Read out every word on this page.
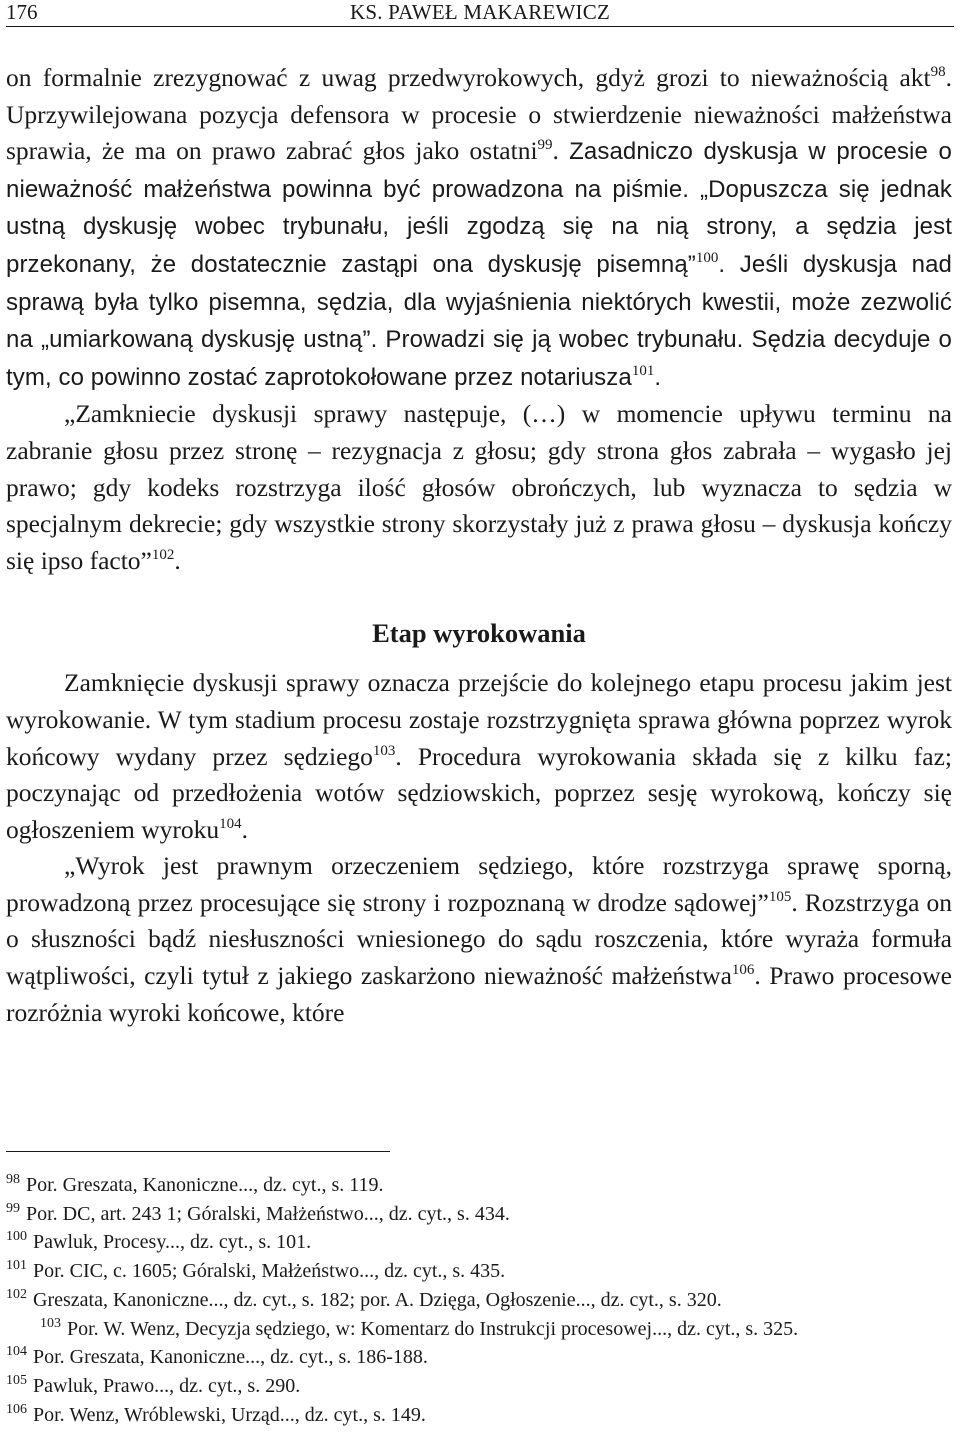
176	KS. PAWEŁ MAKAREWICZ

on formalnie zrezygnować z uwag przedwyrokowych, gdyż grozi to nieważnością akt$^{98}$. Uprzywilejowana pozycja defensora w procesie o stwierdzenie nieważności małżeństwa sprawia, że ma on prawo zabrać głos jako ostatni$^{99}$. Zasadniczo dyskusja w procesie o nieważność małżeństwa powinna być prowadzona na piśmie. „Dopuszcza się jednak ustną dyskusję wobec trybunału, jeśli zgodzą się na nią strony, a sędzia jest przekonany, że dostatecznie zastąpi ona dyskusję pisemną”$^{100}$. Jeśli dyskusja nad sprawą była tylko pisemna, sędzia, dla wyjaśnienia niektórych kwestii, może zezwolić na „umiarkowaną dyskusję ustną”. Prowadzi się ją wobec trybunału. Sędzia decyduje o tym, co powinno zostać zaprotokołowane przez notariusza$^{101}$.

„Zamkniecie dyskusji sprawy następuje, (…) w momencie upływu terminu na zabranie głosu przez stronę – rezygnacja z głosu; gdy strona głos zabrała – wygasło jej prawo; gdy kodeks rozstrzyga ilość głosów obrończych, lub wyznacza to sędzia w specjalnym dekrecie; gdy wszystkie strony skorzystały już z prawa głosu – dyskusja kończy się ipso facto”$^{102}$.

Etap wyrokowania

Zamknięcie dyskusji sprawy oznacza przejście do kolejnego etapu procesu jakim jest wyrokowanie. W tym stadium procesu zostaje rozstrzygnięta sprawa główna poprzez wyrok końcowy wydany przez sędziego$^{103}$. Procedura wyrokowania składa się z kilku faz; poczynając od przedłożenia wotów sędziowskich, poprzez sesję wyrokową, kończy się ogłoszeniem wyroku$^{104}$.

„Wyrok jest prawnym orzeczeniem sędziego, które rozstrzyga sprawę sporną, prowadzoną przez procesujące się strony i rozpoznaną w drodze sądowej”$^{105}$. Rozstrzyga on o słuszności bądź niesłuszności wniesionego do sądu roszczenia, które wyraża formuła wątpliwości, czyli tytuł z jakiego zaskarżono nieważność małżeństwa$^{106}$. Prawo procesowe rozróżnia wyroki końcowe, które

$^{98}$ Por. Greszata, Kanoniczne..., dz. cyt., s. 119.

$^{99}$ Por. DC, art. 243 1; Góralski, Małżeństwo..., dz. cyt., s. 434.

$^{100}$ Pawluk, Procesy..., dz. cyt., s. 101.

$^{101}$ Por. CIC, c. 1605; Góralski, Małżeństwo..., dz. cyt., s. 435.

$^{102}$ Greszata, Kanoniczne..., dz. cyt., s. 182; por. A. Dzięga, Ogłoszenie..., dz. cyt., s. 320.

$^{103}$ Por. W. Wenz, Decyzja sędziego, w: Komentarz do Instrukcji procesowej..., dz. cyt., s. 325.

$^{104}$ Por. Greszata, Kanoniczne..., dz. cyt., s. 186-188.

$^{105}$ Pawluk, Prawo..., dz. cyt., s. 290.

$^{106}$ Por. Wenz, Wróblewski, Urząd..., dz. cyt., s. 149.
